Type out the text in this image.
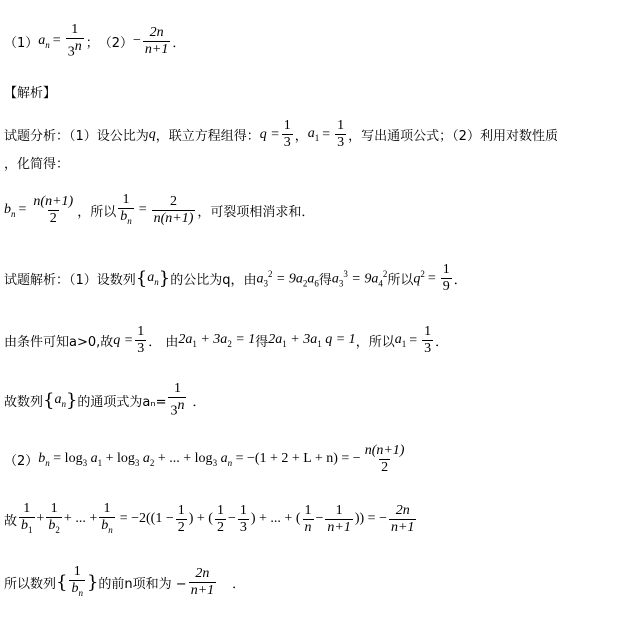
（1） $a_n = \frac{1}{3^n}$ ； $(2) - \frac{2n}{n+1}$ ．
【解析】
试题分析：（1）设公比为 q ，联立方程组得： $q = \frac{1}{3}$ ， $a_1 = \frac{1}{3}$ ，写出通项公式；（2）利用对数性质
，化简得：
$b_n = \frac{n(n+1)}{2}$ ，所以 $\frac{1}{b_n} = \frac{2}{n(n+1)}$ ，可裂项相消求和．
试题解析：（1）设数列 { $a_n$ } 的公比为q，由 $a_3^2 = 9a_2a_6$ 得 $a_3^3 = 9a_4^2$ 所以 $q^2 = \frac{1}{9}$ ．
由条件可知a>0,故 $q = \frac{1}{3}$ ． 由 $2a_1 + 3a_2 = 1$ 得 $2a_1 + 3a_1$ q = 1 ，所以 $a_1 = \frac{1}{3}$ ．
故数列 { $a_n$ } 的通项式为$a_n= \frac{1}{3^n}$ ．
（2） $b_n = \log_3 a_1 + \log_3 a_2$ + ... + $\log_3 a_n = -(1 + 2 + L + n)$ = − $\frac{n(n+1)}{2}$
故 $\frac{1}{b_1} + \frac{1}{b_2}$ + ... + $\frac{1}{b_n} = -2((1 - \frac{1}{2}$ ) + ( $\frac{1}{2} - \frac{1}{3}$ ) + ... + ( $\frac{1}{n} - \frac{1}{n+1}$ )) = − $\frac{2n}{n+1}$
所以数列 { $\frac{1}{b_n}$ } 的前n项和为 − $\frac{2n}{n+1}$ ．
